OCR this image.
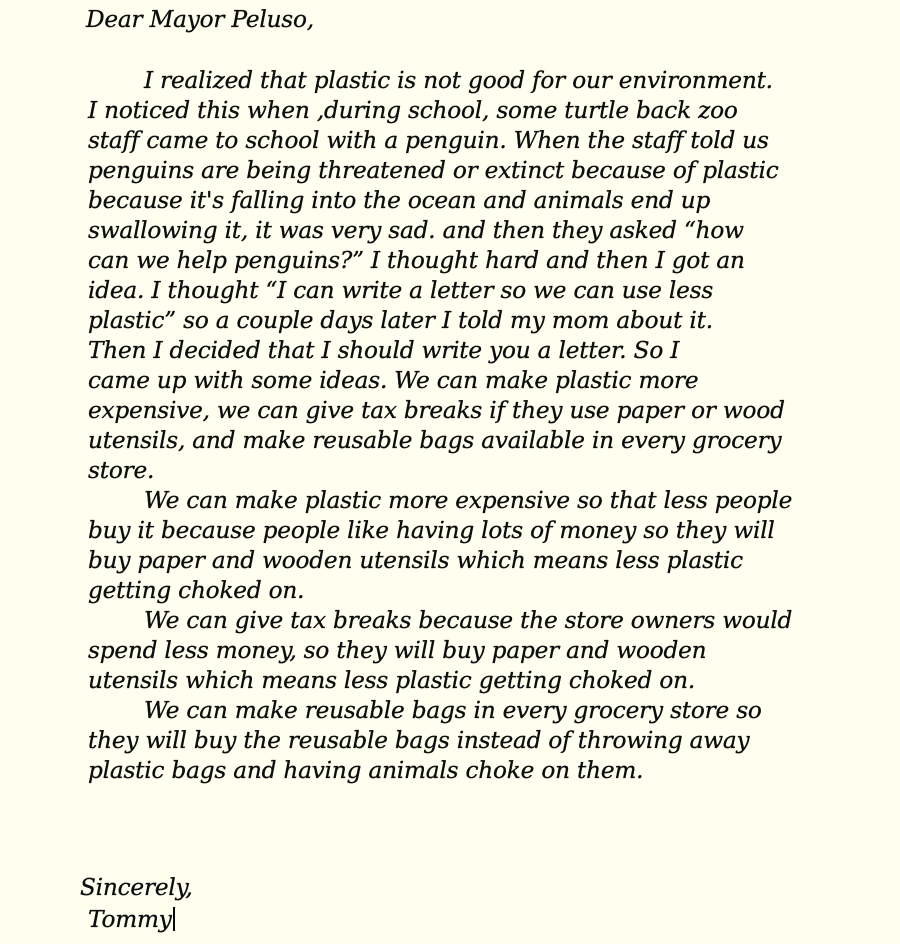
Dear Mayor Peluso,
I realized that plastic is not good for our environment.
I noticed this when ,during school, some turtle back zoo
staff came to school with a penguin. When the staff told us
penguins are being threatened or extinct because of plastic
because it's falling into the ocean and animals end up
swallowing it, it was very sad. and then they asked “how
can we help penguins?” I thought hard and then I got an
idea. I thought “I can write a letter so we can use less
plastic” so a couple days later I told my mom about it.
Then I decided that I should write you a letter. So I
came up with some ideas. We can make plastic more
expensive, we can give tax breaks if they use paper or wood
utensils, and make reusable bags available in every grocery
store.
We can make plastic more expensive so that less people
buy it because people like having lots of money so they will
buy paper and wooden utensils which means less plastic
getting choked on.
We can give tax breaks because the store owners would
spend less money, so they will buy paper and wooden
utensils which means less plastic getting choked on.
We can make reusable bags in every grocery store so
they will buy the reusable bags instead of throwing away
plastic bags and having animals choke on them.
Sincerely,
Tommy
